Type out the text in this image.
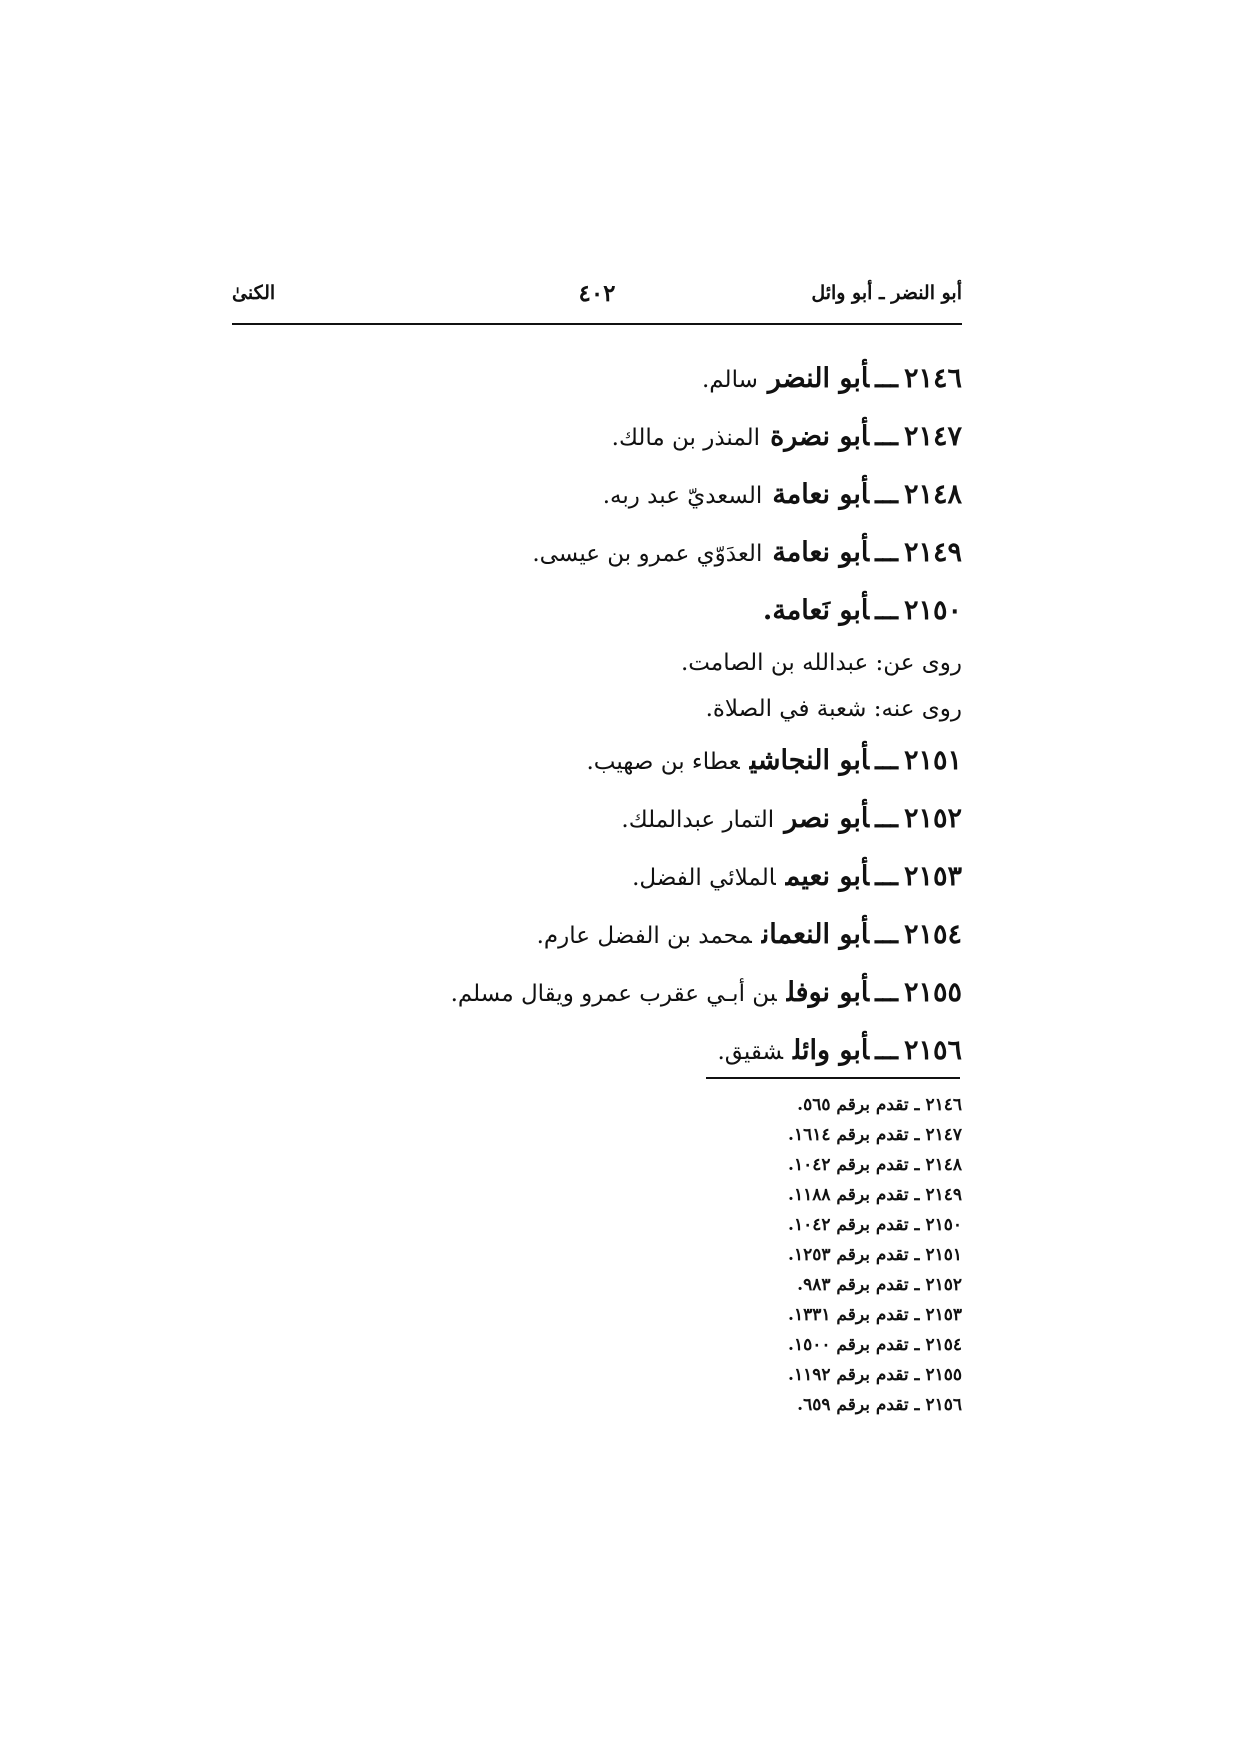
أبو النضر ـ أبو وائل
٤٠٢
الكنىٰ
٢١٤٦ـــأبو النضرسالم.
٢١٤٧ـــأبو نضرةالمنذر بن مالك.
٢١٤٨ـــأبو نعامةالسعديّ عبد ربه.
٢١٤٩ـــأبو نعامةالعدَوّي عمرو بن عيسى.
٢١٥٠ـــأبو نَعامة.
روى عن: عبدالله بن الصامت.
روى عنه: شعبة في الصلاة.
٢١٥١ـــأبو النجاشيعطاء بن صهيب.
٢١٥٢ـــأبو نصرالتمار عبدالملك.
٢١٥٣ـــأبو نعيمالملائي الفضل.
٢١٥٤ـــأبو النعمانمحمد بن الفضل عارم.
٢١٥٥ـــأبو نوفلبن أبـي عقرب عمرو ويقال مسلم.
٢١٥٦ـــأبو وائلشقيق.
٢١٤٦ ـ تقدم برقم ٥٦٥.
٢١٤٧ ـ تقدم برقم ١٦١٤.
٢١٤٨ ـ تقدم برقم ١٠٤٢.
٢١٤٩ ـ تقدم برقم ١١٨٨.
٢١٥٠ ـ تقدم برقم ١٠٤٢.
٢١٥١ ـ تقدم برقم ١٢٥٣.
٢١٥٢ ـ تقدم برقم ٩٨٣.
٢١٥٣ ـ تقدم برقم ١٣٣١.
٢١٥٤ ـ تقدم برقم ١٥٠٠.
٢١٥٥ ـ تقدم برقم ١١٩٢.
٢١٥٦ ـ تقدم برقم ٦٥٩.
